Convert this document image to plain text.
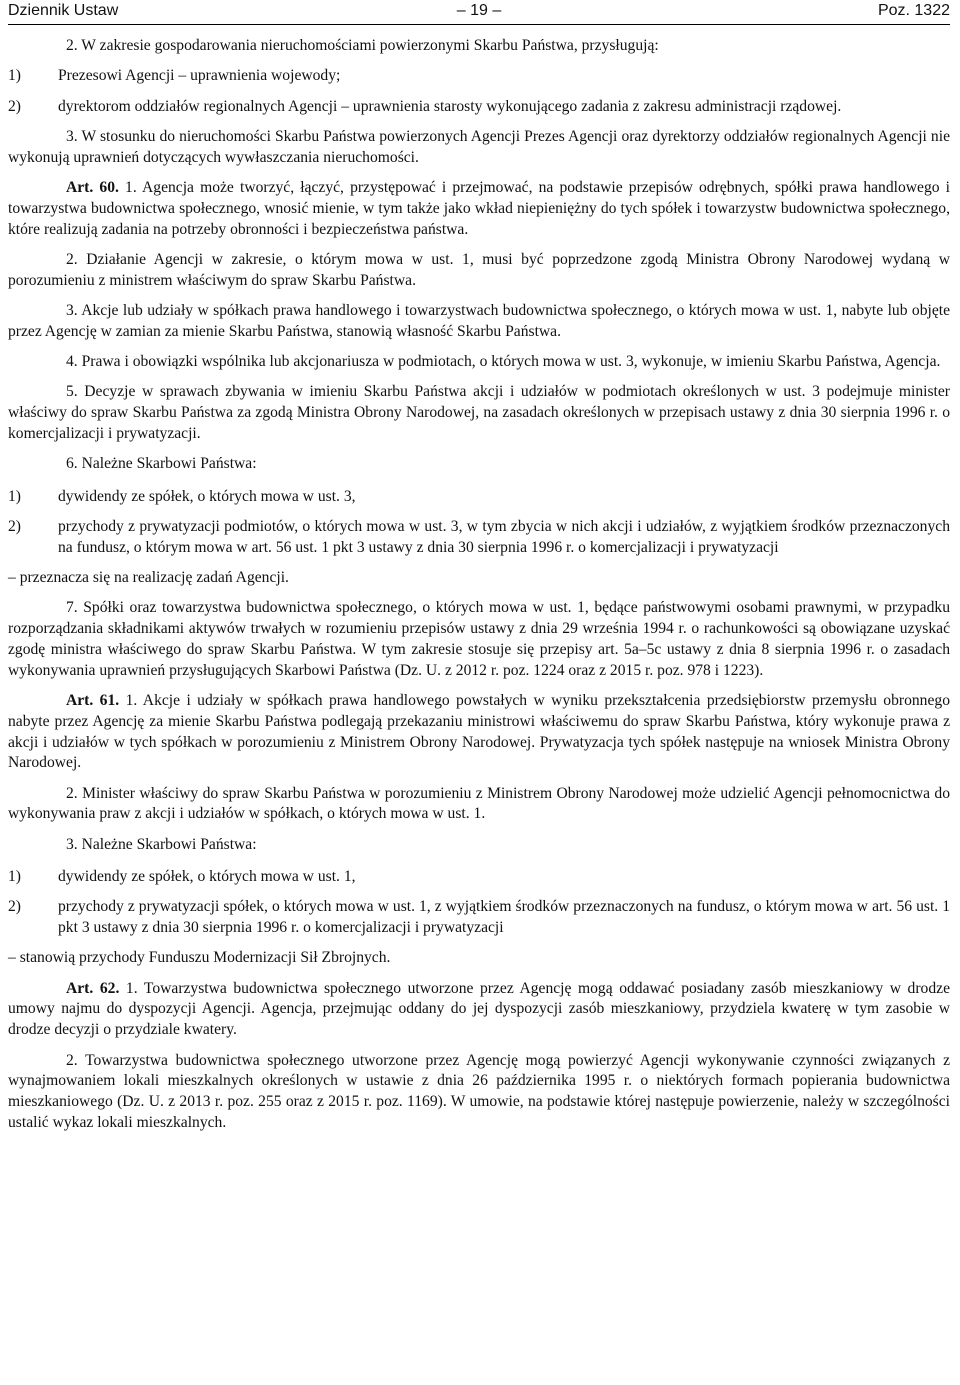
Dziennik Ustaw	– 19 –	Poz. 1322

2. W zakresie gospodarowania nieruchomościami powierzonymi Skarbu Państwa, przysługują:

1)	Prezesowi Agencji – uprawnienia wojewody;
2)	dyrektorom oddziałów regionalnych Agencji – uprawnienia starosty wykonującego zadania z zakresu administracji rządowej.

3. W stosunku do nieruchomości Skarbu Państwa powierzonych Agencji Prezes Agencji oraz dyrektorzy oddziałów regionalnych Agencji nie wykonują uprawnień dotyczących wywłaszczania nieruchomości.

Art. 60. 1. Agencja może tworzyć, łączyć, przystępować i przejmować, na podstawie przepisów odrębnych, spółki prawa handlowego i towarzystwa budownictwa społecznego, wnosić mienie, w tym także jako wkład niepieniężny do tych spółek i towarzystw budownictwa społecznego, które realizują zadania na potrzeby obronności i bezpieczeństwa państwa.

2. Działanie Agencji w zakresie, o którym mowa w ust. 1, musi być poprzedzone zgodą Ministra Obrony Narodowej wydaną w porozumieniu z ministrem właściwym do spraw Skarbu Państwa.

3. Akcje lub udziały w spółkach prawa handlowego i towarzystwach budownictwa społecznego, o których mowa w ust. 1, nabyte lub objęte przez Agencję w zamian za mienie Skarbu Państwa, stanowią własność Skarbu Państwa.

4. Prawa i obowiązki wspólnika lub akcjonariusza w podmiotach, o których mowa w ust. 3, wykonuje, w imieniu Skarbu Państwa, Agencja.

5. Decyzje w sprawach zbywania w imieniu Skarbu Państwa akcji i udziałów w podmiotach określonych w ust. 3 podejmuje minister właściwy do spraw Skarbu Państwa za zgodą Ministra Obrony Narodowej, na zasadach określonych w przepisach ustawy z dnia 30 sierpnia 1996 r. o komercjalizacji i prywatyzacji.

6. Należne Skarbowi Państwa:

1)	dywidendy ze spółek, o których mowa w ust. 3,
2)	przychody z prywatyzacji podmiotów, o których mowa w ust. 3, w tym zbycia w nich akcji i udziałów, z wyjątkiem środków przeznaczonych na fundusz, o którym mowa w art. 56 ust. 1 pkt 3 ustawy z dnia 30 sierpnia 1996 r. o komercjalizacji i prywatyzacji

– przeznacza się na realizację zadań Agencji.

7. Spółki oraz towarzystwa budownictwa społecznego, o których mowa w ust. 1, będące państwowymi osobami prawnymi, w przypadku rozporządzania składnikami aktywów trwałych w rozumieniu przepisów ustawy z dnia 29 września 1994 r. o rachunkowości są obowiązane uzyskać zgodę ministra właściwego do spraw Skarbu Państwa. W tym zakresie stosuje się przepisy art. 5a–5c ustawy z dnia 8 sierpnia 1996 r. o zasadach wykonywania uprawnień przysługujących Skarbowi Państwa (Dz. U. z 2012 r. poz. 1224 oraz z 2015 r. poz. 978 i 1223).

Art. 61. 1. Akcje i udziały w spółkach prawa handlowego powstałych w wyniku przekształcenia przedsiębiorstw przemysłu obronnego nabyte przez Agencję za mienie Skarbu Państwa podlegają przekazaniu ministrowi właściwemu do spraw Skarbu Państwa, który wykonuje prawa z akcji i udziałów w tych spółkach w porozumieniu z Ministrem Obrony Narodowej. Prywatyzacja tych spółek następuje na wniosek Ministra Obrony Narodowej.

2. Minister właściwy do spraw Skarbu Państwa w porozumieniu z Ministrem Obrony Narodowej może udzielić Agencji pełnomocnictwa do wykonywania praw z akcji i udziałów w spółkach, o których mowa w ust. 1.

3. Należne Skarbowi Państwa:

1)	dywidendy ze spółek, o których mowa w ust. 1,
2)	przychody z prywatyzacji spółek, o których mowa w ust. 1, z wyjątkiem środków przeznaczonych na fundusz, o którym mowa w art. 56 ust. 1 pkt 3 ustawy z dnia 30 sierpnia 1996 r. o komercjalizacji i prywatyzacji

– stanowią przychody Funduszu Modernizacji Sił Zbrojnych.

Art. 62. 1. Towarzystwa budownictwa społecznego utworzone przez Agencję mogą oddawać posiadany zasób mieszkaniowy w drodze umowy najmu do dyspozycji Agencji. Agencja, przejmując oddany do jej dyspozycji zasób mieszkaniowy, przydziela kwaterę w tym zasobie w drodze decyzji o przydziale kwatery.

2. Towarzystwa budownictwa społecznego utworzone przez Agencję mogą powierzyć Agencji wykonywanie czynności związanych z wynajmowaniem lokali mieszkalnych określonych w ustawie z dnia 26 października 1995 r. o niektórych formach popierania budownictwa mieszkaniowego (Dz. U. z 2013 r. poz. 255 oraz z 2015 r. poz. 1169). W umowie, na podstawie której następuje powierzenie, należy w szczególności ustalić wykaz lokali mieszkalnych.
